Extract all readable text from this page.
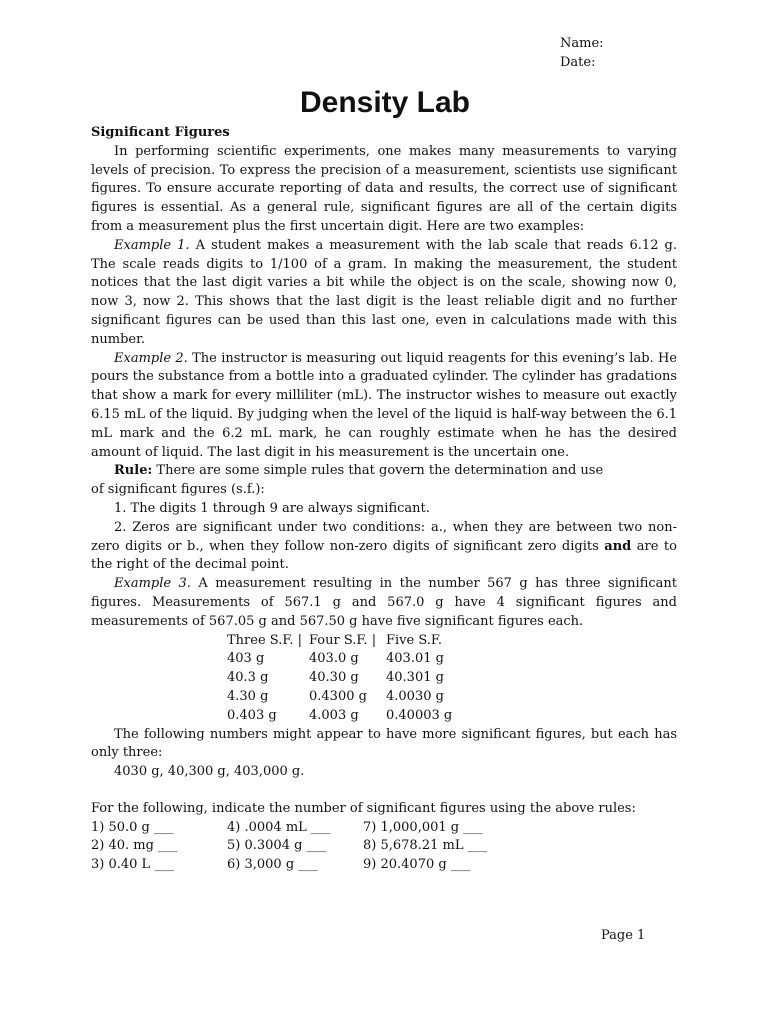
Name:
Date:
Density Lab

Significant Figures

In performing scientific experiments, one makes many measurements to varying levels of precision. To express the precision of a measurement, scientists use significant figures. To ensure accurate reporting of data and results, the correct use of significant figures is essential. As a general rule, significant figures are all of the certain digits from a measurement plus the first uncertain digit. Here are two examples:

Example 1. A student makes a measurement with the lab scale that reads 6.12 g. The scale reads digits to 1/100 of a gram. In making the measurement, the student notices that the last digit varies a bit while the object is on the scale, showing now 0, now 3, now 2. This shows that the last digit is the least reliable digit and no further significant figures can be used than this last one, even in calculations made with this number.

Example 2. The instructor is measuring out liquid reagents for this evening’s lab. He pours the substance from a bottle into a graduated cylinder. The cylinder has gradations that show a mark for every milliliter (mL). The instructor wishes to measure out exactly 6.15 mL of the liquid. By judging when the level of the liquid is half-way between the 6.1 mL mark and the 6.2 mL mark, he can roughly estimate when he has the desired amount of liquid. The last digit in his measurement is the uncertain one.

Rule: There are some simple rules that govern the determination and use

of significant figures (s.f.):

1. The digits 1 through 9 are always significant.

2. Zeros are significant under two conditions: a., when they are between two non-zero digits or b., when they follow non-zero digits of significant zero digits and are to the right of the decimal point.

Example 3. A measurement resulting in the number 567 g has three significant figures. Measurements of 567.1 g and 567.0 g have 4 significant figures and measurements of 567.05 g and 567.50 g have five significant figures each.

Three S.F. |	Four S.F. |	Five S.F.
403 g	403.0 g	403.01 g
40.3 g	40.30 g	40.301 g
4.30 g	0.4300 g	4.0030 g
0.403 g	4.003 g	0.40003 g

The following numbers might appear to have more significant figures, but each has only three:

4030 g, 40,300 g, 403,000 g.

For the following, indicate the number of significant figures using the above rules:

1) 50.0 g ___	4) .0004 mL ___	7) 1,000,001 g ___
2) 40. mg ___	5) 0.3004 g ___	8) 5,678.21 mL ___
3) 0.40 L ___	6) 3,000 g ___	9) 20.4070 g ___
Page 1
